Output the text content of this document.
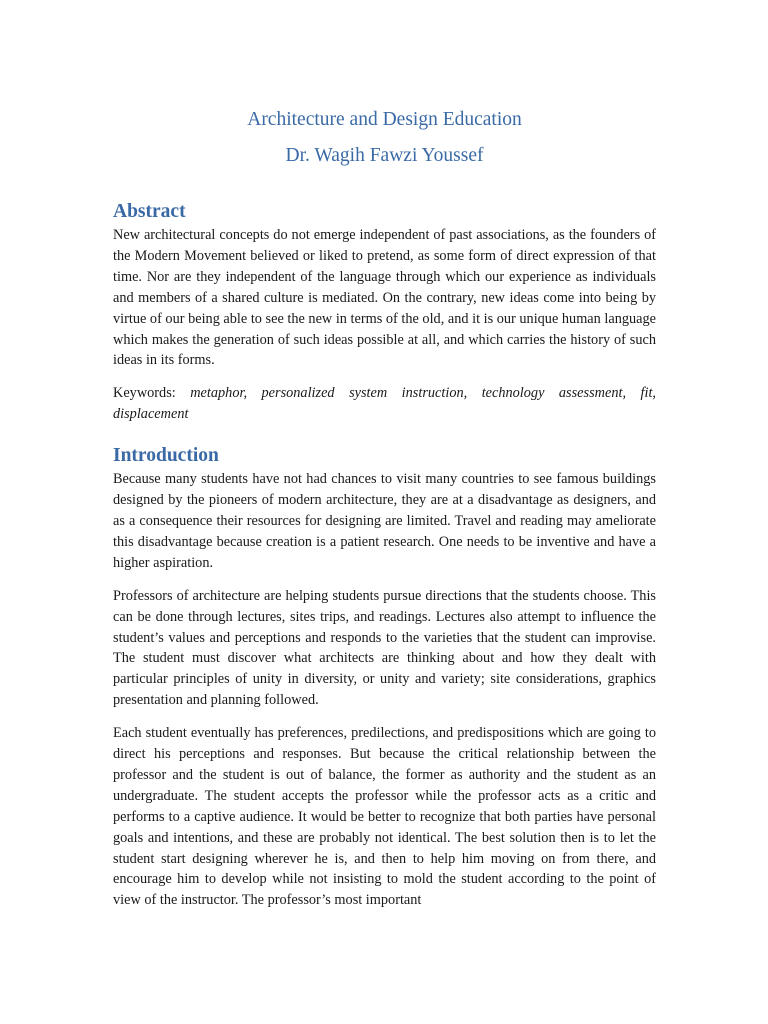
Architecture and Design Education
Dr. Wagih Fawzi Youssef
Abstract

New architectural concepts do not emerge independent of past associations, as the founders of the Modern Movement believed or liked to pretend, as some form of direct expression of that time. Nor are they independent of the language through which our experience as individuals and members of a shared culture is mediated. On the contrary, new ideas come into being by virtue of our being able to see the new in terms of the old, and it is our unique human language which makes the generation of such ideas possible at all, and which carries the history of such ideas in its forms.

Keywords: metaphor, personalized system instruction, technology assessment, fit, displacement

Introduction

Because many students have not had chances to visit many countries to see famous buildings designed by the pioneers of modern architecture, they are at a disadvantage as designers, and as a consequence their resources for designing are limited. Travel and reading may ameliorate this disadvantage because creation is a patient research. One needs to be inventive and have a higher aspiration.

Professors of architecture are helping students pursue directions that the students choose. This can be done through lectures, sites trips, and readings. Lectures also attempt to influence the student’s values and perceptions and responds to the varieties that the student can improvise. The student must discover what architects are thinking about and how they dealt with particular principles of unity in diversity, or unity and variety; site considerations, graphics presentation and planning followed.

Each student eventually has preferences, predilections, and predispositions which are going to direct his perceptions and responses. But because the critical relationship between the professor and the student is out of balance, the former as authority and the student as an undergraduate. The student accepts the professor while the professor acts as a critic and performs to a captive audience. It would be better to recognize that both parties have personal goals and intentions, and these are probably not identical. The best solution then is to let the student start designing wherever he is, and then to help him moving on from there, and encourage him to develop while not insisting to mold the student according to the point of view of the instructor. The professor’s most important
